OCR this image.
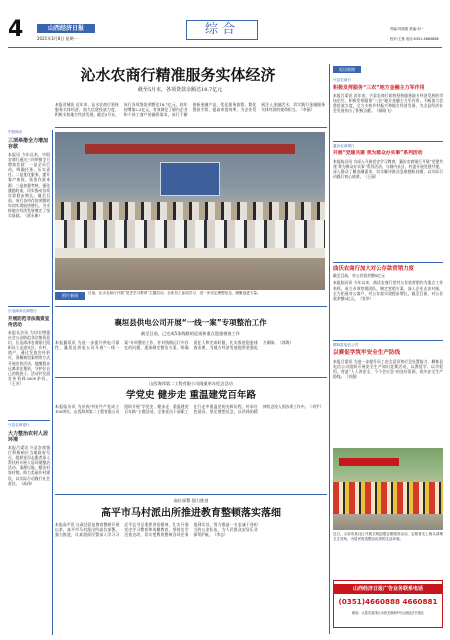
4	山西经济日报
2021年3月8日 星期一
综合	责编:冯晓燕 美编:刘一
校对:王燕 电话:0351-4660888
沁水农商行精准服务实体经济
截至5月末，各项贷款余额达18.7亿元
本报晋城讯 近年来，沁水农商行坚持服务实体经济，加大信贷投放力度，积极支持地方经济发展。截至5月末，该行各项贷款余额达18.7亿元，较年初增加2.3亿元，有效满足了辖内企业和个体工商户的融资需求。该行不断创新金融产品，优化服务流程，简化贷款手续，提高审批效率，为企业发展注入金融活水，切实践行金融服务实体经济的使命担当。（李丽）
中阳简讯
三项举措全力增加存款
本报讯 今年以来，中阳农商行通过三项举措全力增加存款：一是全员行动，明确任务，压实责任；二是优化服务，提升客户体验，拓宽存款来源；三是加强考核，强化激励约束，切实推动各项存款稳步增长。截至目前，该行各项存款余额较年初实现较快增长，为支持地方经济发展奠定了坚实基础。（贾永新）
长治漳泽农商银行
开展防范非法集资宣传活动
本报长治讯 为切实增强社会公众防范非法集资意识，长治漳泽农商银行组织员工走进社区、乡村、商户，通过发放宣传折页、讲解典型案例等方式开展宣传活动，提醒群众远离非法集资，守护好自己的钱袋子。活动共发放宣传资料2000余份。（王芳）
兴县农商银行
大力整治农村人居环境
本报吕梁讯 兴县农商银行积极响应当地政府号召，组织党员志愿者深入帮扶村开展人居环境整治活动，清理垃圾、整治村容村貌，助力美丽乡村建设，以实际行动践行社会责任。（高伟）
图片新闻	日前，沁水农商行开展“党史学习教育”主题活动，全体员工参加学习，进一步坚定理想信念，凝聚奋进力量。
襄垣县供电公司开展“一线一案”专项整治工作
截至目前，已完成5条线路的巡视和重点隐患排查工作
本报襄垣讯 为进一步提升供电可靠性，襄垣县供电公司开展“一线一案”专项整治工作，针对线路运行中存在的问题，逐条制定整治方案，明确责任人和完成时限，扎实推进隐患排查治理，为地方经济发展提供坚强电力保障。（郭海）
山西海邦第二工程有限公司隆重举办纪念活动
学党史 健步走 重温建党百年路
本报临汾讯 为庆祝中国共产党成立100周年，山西海邦第二工程有限公司组织开展“学党史、健步走、重温建党百年路”主题活动。全体党员干部职工在行走中重温党的光辉历程，传承红色基因，坚定理想信念，以昂扬的精神状态投入到各项工作中。（刘平）
高位部署 强力推进
高平市马村派出所推进教育整顿落实落细
本报高平讯 自政法队伍教育整顿开展以来，高平市马村派出所高位部署，强力推进，认真组织民警深入学习习近平总书记重要讲话精神，扎实开展党史学习教育和英模教育，坚持边学边查边改，切实把教育整顿各项任务落到实处，努力锻造一支忠诚干净担当的公安队伍，为人民群众安居乐业保驾护航。（李志）
短讯集锦
兴县农商行
积极发挥服务“三农”地方金融主力军作用
本报吕梁讯 近年来，兴县农商行始终坚持服务地方经济发展的市场定位，积极发挥服务“三农”地方金融主力军作用，不断加大信贷投放力度，全力支持乡村振兴和地方经济发展，为全县经济社会发展作出了积极贡献。（郝晓飞）
襄汾农商银行
开展“党建共建 我为群众办实事”系列活动
本报临汾讯 为深入开展党史学习教育，襄汾农商银行开展“党建共建 我为群众办实事”系列活动，与辖内社区、村委开展党建共建，深入群众了解金融需求，切实解决群众急难愁盼问题，以实际行动践行初心使命。（王丽）
曲沃农商行加大对公存款营销力度
截至目前，对公存款余额5亿元
本报临汾讯 今年以来，曲沃农商行把对公存款营销作为重点工作来抓，成立专项营销团队，制定营销方案，深入企业走访对接，全力拓展对公客户，对公存款实现稳步增长。截至目前，对公存款余额5亿元。（张华）
柳林县电信公司
以赛促学筑牢安全生产防线
本报吕梁讯 为进一步提升员工安全意识和应急处置能力，柳林县电信公司组织开展安全生产知识竞赛活动，以赛促学、以学促用，营造“人人讲安全、个个会应急”的良好氛围，筑牢安全生产防线。（刘强）
近日，太原市某社区开展文明创建志愿服务活动，志愿者走上街头清理卫生死角，为居民营造整洁优美的生活环境。
山西经济日报广告业务联系电话
(0351)4660888 4660881
地址：太原市迎泽区水西关南街5号山西经济日报社
